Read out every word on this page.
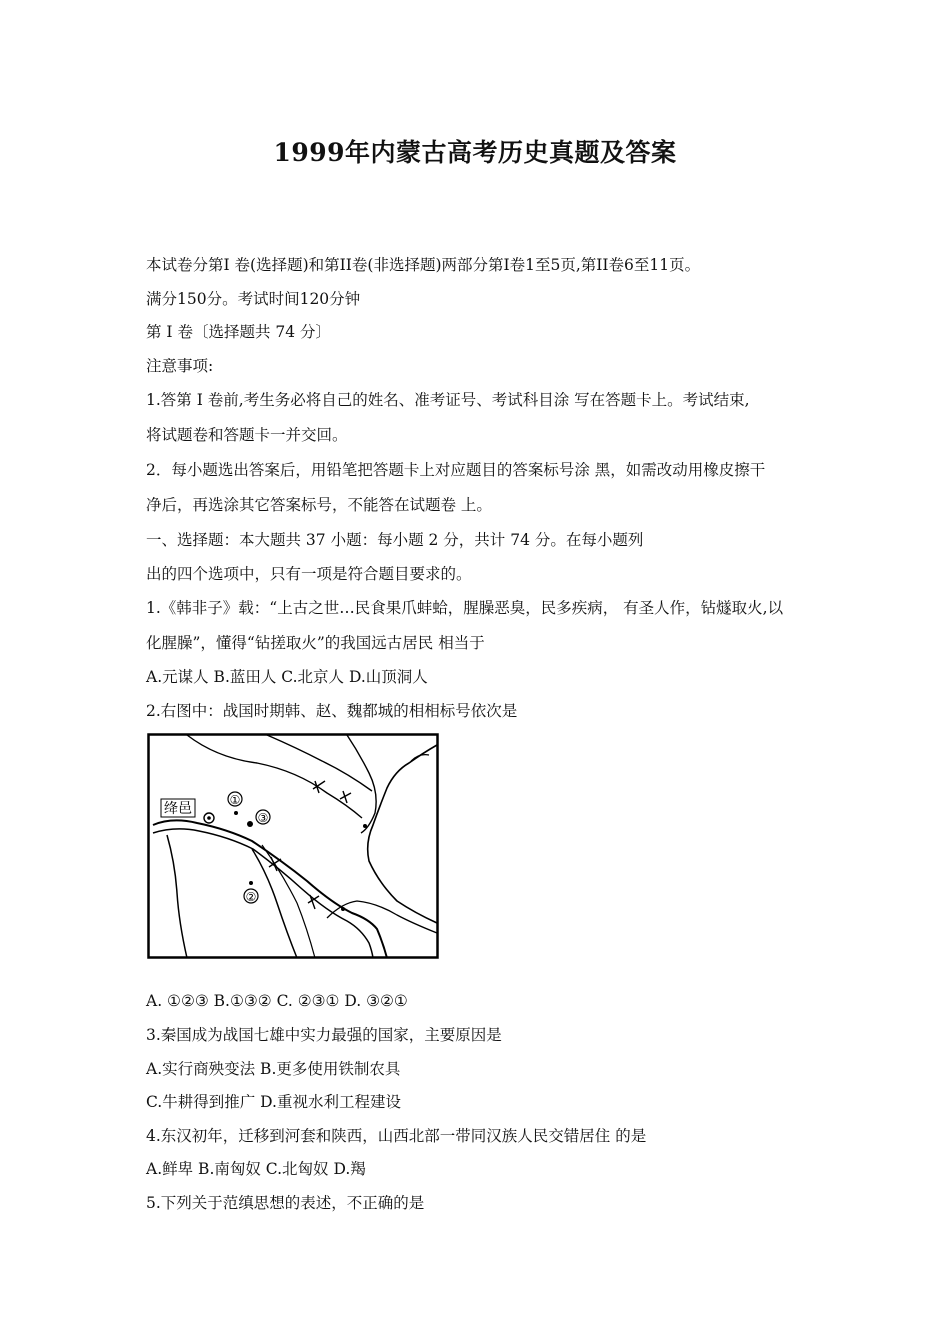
1999年内蒙古高考历史真题及答案
本试卷分第Ⅰ 卷(选择题)和第II卷(非选择题)两部分第Ⅰ卷1至5页,第II卷6至11页。
满分150分。考试时间120分钟
第 Ⅰ 卷〔选择题共 74 分〕
注意事项:
1.答第 Ⅰ 卷前,考生务必将自己的姓名、准考证号、考试科目涂 写在答题卡上。考试结束,
将试题卷和答题卡一并交回。
2．每小题选出答案后，用铅笔把答题卡上对应题目的答案标号涂 黑，如需改动用橡皮擦干
净后，再选涂其它答案标号，不能答在试题卷 上。
一、选择题：本大题共 37 小题：每小题 2 分，共计 74 分。在每小题列
出的四个选项中，只有一项是符合题目要求的。
1.《韩非子》载：“上古之世…民食果爪蚌蛤，腥臊恶臭，民多疾病， 有圣人作，钻燧取火,以
化腥臊”，懂得“钻搓取火”的我国远古居民 相当于
A.元谋人 B.蓝田人 C.北京人 D.山顶洞人
2.右图中：战国时期韩、赵、魏都城的相相标号依次是
绛邑
①
③
②
A. ①②③ B.①③② C. ②③① D. ③②①
3.秦国成为战国七雄中实力最强的国家，主要原因是
A.实行商殃变法 B.更多使用铁制农具
C.牛耕得到推广 D.重视水利工程建设
4.东汉初年，迁移到河套和陕西，山西北部一带同汉族人民交错居住 的是
A.鲜卑 B.南匈奴 C.北匈奴 D.羯
5.下列关于范缜思想的表述，不正确的是
